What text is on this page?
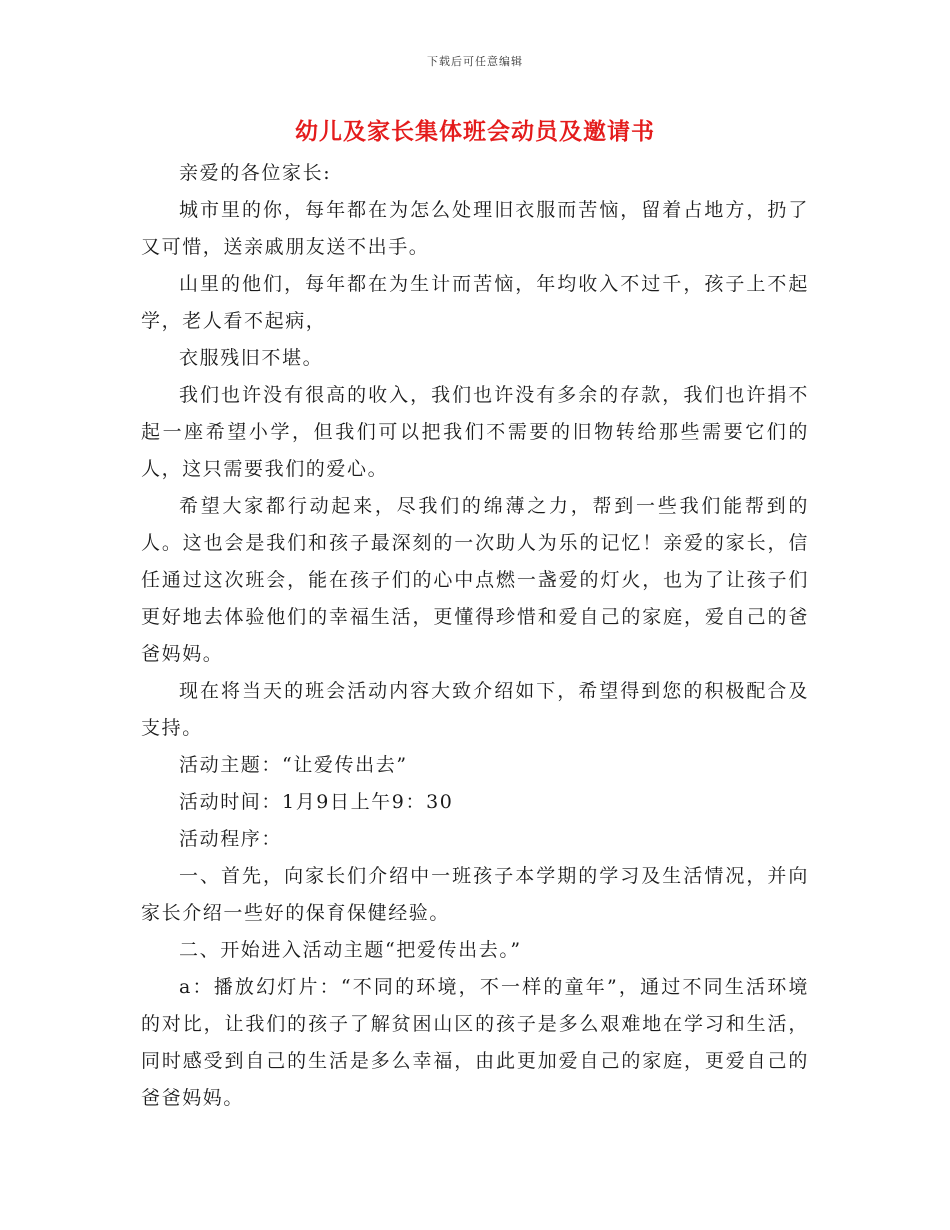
下载后可任意编辑
幼儿及家长集体班会动员及邀请书

亲爱的各位家长:

城市里的你，每年都在为怎么处理旧衣服而苦恼，留着占地方，扔了又可惜，送亲戚朋友送不出手。

山里的他们，每年都在为生计而苦恼，年均收入不过千，孩子上不起学，老人看不起病，

衣服残旧不堪。

我们也许没有很高的收入，我们也许没有多余的存款，我们也许捐不起一座希望小学，但我们可以把我们不需要的旧物转给那些需要它们的人，这只需要我们的爱心。

希望大家都行动起来，尽我们的绵薄之力，帮到一些我们能帮到的人。这也会是我们和孩子最深刻的一次助人为乐的记忆！亲爱的家长，信任通过这次班会，能在孩子们的心中点燃一盏爱的灯火，也为了让孩子们更好地去体验他们的幸福生活，更懂得珍惜和爱自己的家庭，爱自己的爸爸妈妈。

现在将当天的班会活动内容大致介绍如下，希望得到您的积极配合及支持。

活动主题：“让爱传出去”

活动时间：1月9日上午9：30

活动程序：

一、首先，向家长们介绍中一班孩子本学期的学习及生活情况，并向家长介绍一些好的保育保健经验。

二、开始进入活动主题“把爱传出去。”

a：播放幻灯片：“不同的环境，不一样的童年”，通过不同生活环境的对比，让我们的孩子了解贫困山区的孩子是多么艰难地在学习和生活，同时感受到自己的生活是多么幸福，由此更加爱自己的家庭，更爱自己的爸爸妈妈。
